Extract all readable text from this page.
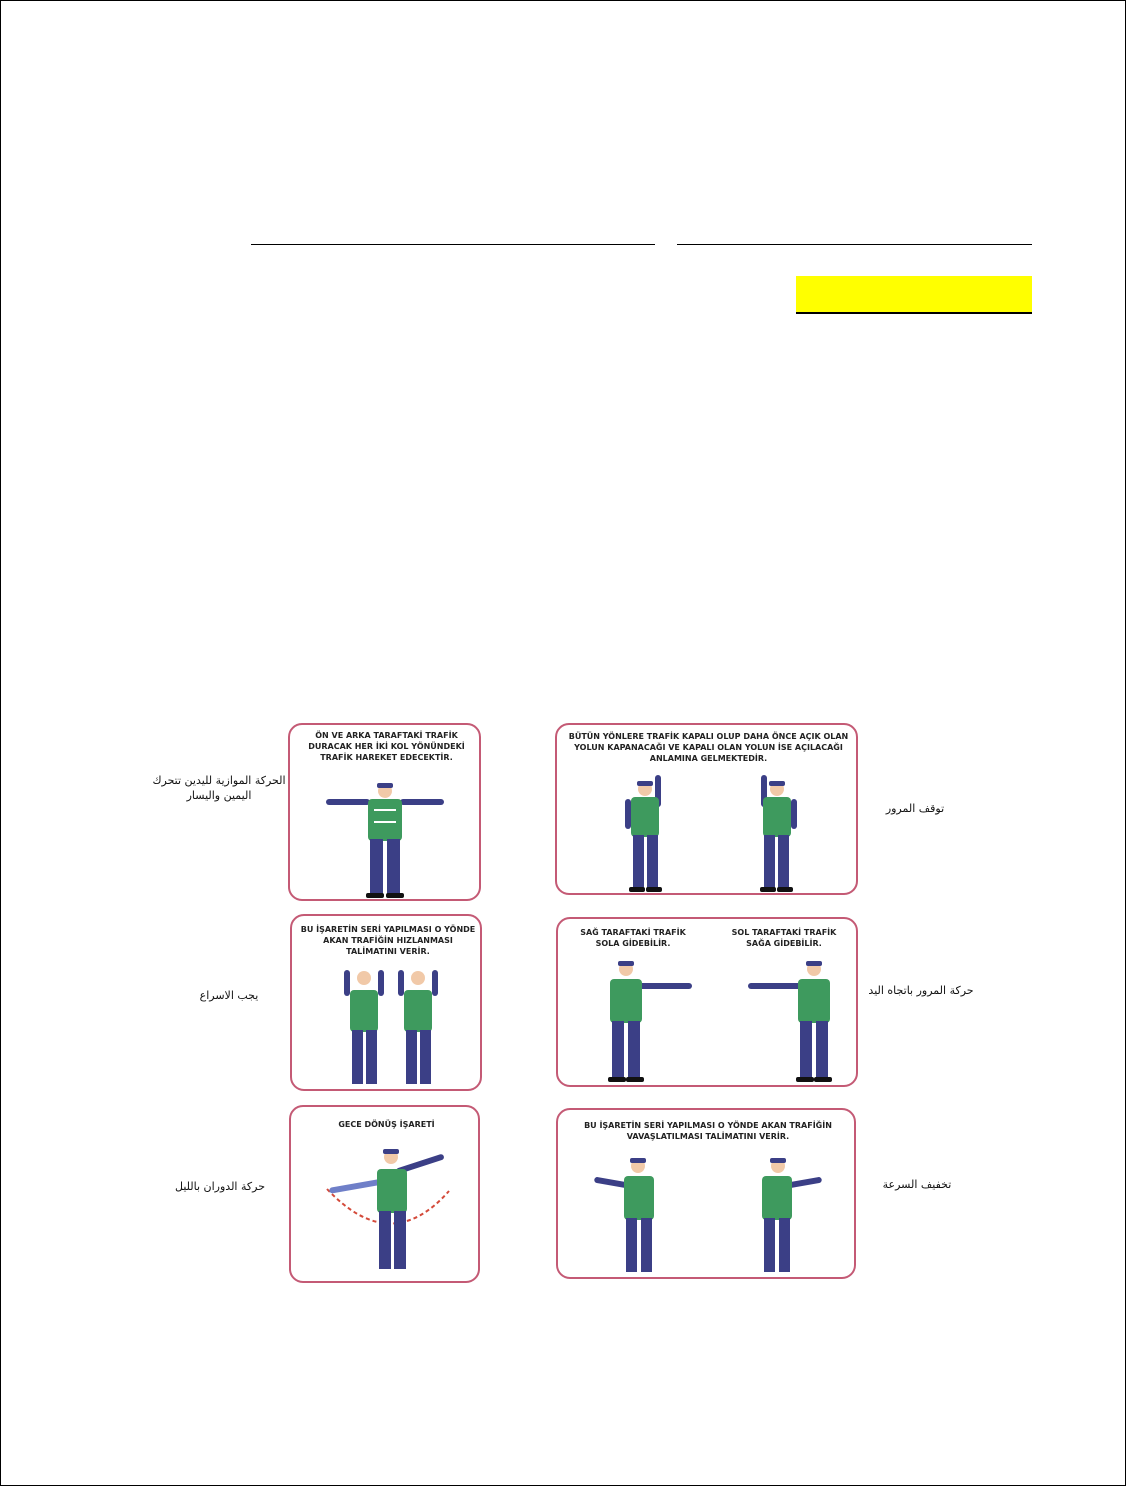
ÖN VE ARKA TARAFTAKİ TRAFİK
DURACAK HER İKİ KOL YÖNÜNDEKİ
TRAFİK HAREKET EDECEKTİR.
الحركة الموازية لليدين تتحرك
اليمين واليسار
BÜTÜN YÖNLERE TRAFİK KAPALI OLUP DAHA ÖNCE AÇIK OLAN
YOLUN KAPANACAĞI VE KAPALI OLAN YOLUN İSE AÇILACAĞI
ANLAMINA GELMEKTEDİR.
توقف المرور
BU İŞARETİN SERİ YAPILMASI O YÖNDE
AKAN TRAFİĞİN HIZLANMASI
TALİMATINI VERİR.
يجب الاسراع
SAĞ TARAFTAKİ TRAFİK
SOLA GİDEBİLİR.
SOL TARAFTAKİ TRAFİK
SAĞA GİDEBİLİR.
حركة المرور باتجاه اليد
GECE DÖNÜŞ İŞARETİ
حركة الدوران بالليل
BU İŞARETİN SERİ YAPILMASI O YÖNDE AKAN TRAFİĞİN
VAVAŞLATILMASI TALİMATINI VERİR.
تخفيف السرعة
